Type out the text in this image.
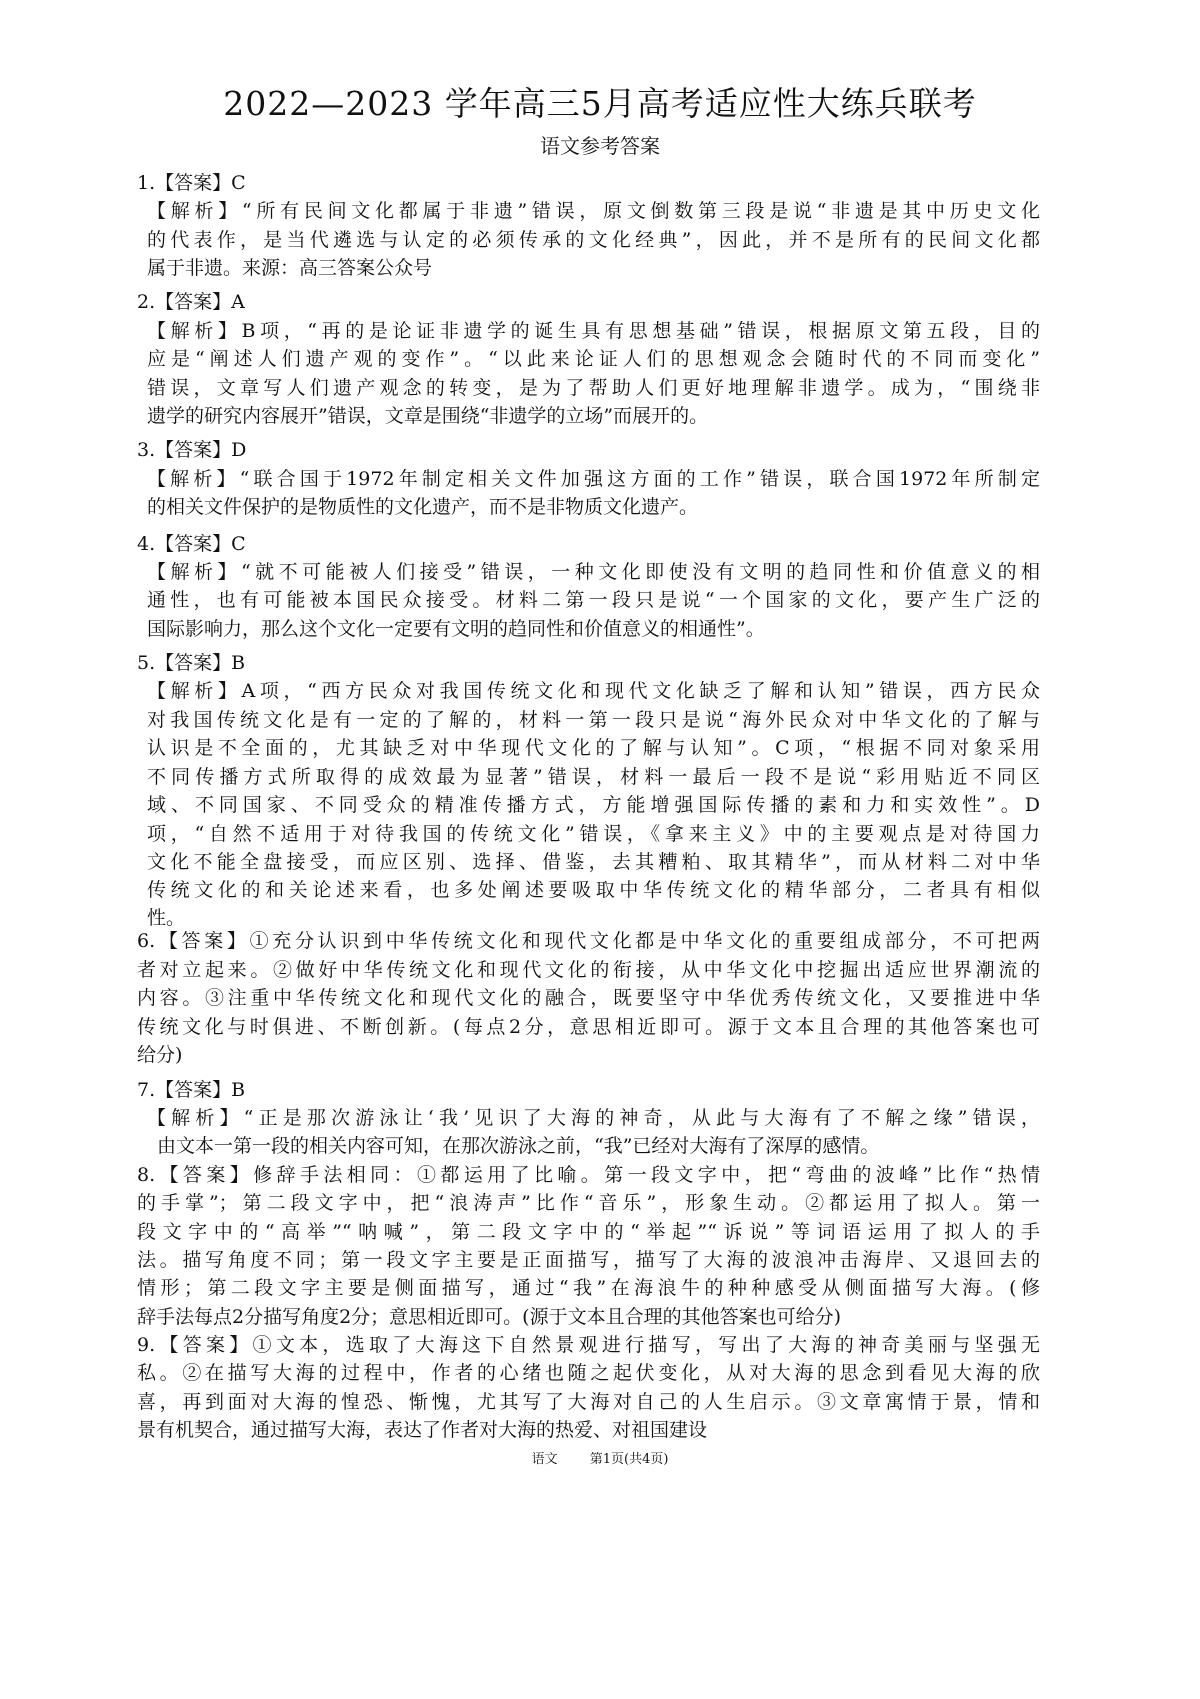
2022—2023 学年高三5月高考适应性大练兵联考
语文参考答案
1.【答案】C
【解析】“所有民间文化都属于非遗”错误，原文倒数第三段是说“非遗是其中历史文化
的代表作，是当代遴选与认定的必须传承的文化经典”，因此，并不是所有的民间文化都
属于非遗。来源：高三答案公众号
2.【答案】A
【解析】B项，“再的是论证非遗学的诞生具有思想基础”错误，根据原文第五段，目的
应是“阐述人们遗产观的变作”。“以此来论证人们的思想观念会随时代的不同而变化”
错误，文章写人们遗产观念的转变，是为了帮助人们更好地理解非遗学。成为，“围绕非
遗学的研究内容展开”错误，文章是围绕“非遗学的立场”而展开的。
3.【答案】D
【解析】“联合国于1972年制定相关文件加强这方面的工作”错误，联合国1972年所制定
的相关文件保护的是物质性的文化遗产，而不是非物质文化遗产。
4.【答案】C
【解析】“就不可能被人们接受”错误，一种文化即使没有文明的趋同性和价值意义的相
通性，也有可能被本国民众接受。材料二第一段只是说“一个国家的文化，要产生广泛的
国际影响力，那么这个文化一定要有文明的趋同性和价值意义的相通性”。
5.【答案】B
【解析】A项，“西方民众对我国传统文化和现代文化缺乏了解和认知”错误，西方民众
对我国传统文化是有一定的了解的，材料一第一段只是说“海外民众对中华文化的了解与
认识是不全面的，尤其缺乏对中华现代文化的了解与认知”。C项，“根据不同对象采用
不同传播方式所取得的成效最为显著”错误，材料一最后一段不是说“彩用贴近不同区
域、不同国家、不同受众的精准传播方式，方能增强国际传播的素和力和实效性”。D
项，“自然不适用于对待我国的传统文化”错误，《拿来主义》中的主要观点是对待国力
文化不能全盘接受，而应区别、选择、借鉴，去其糟粕、取其精华”，而从材料二对中华
传统文化的和关论述来看，也多处阐述要吸取中华传统文化的精华部分，二者具有相似
性。
6.【答案】①充分认识到中华传统文化和现代文化都是中华文化的重要组成部分，不可把两
者对立起来。②做好中华传统文化和现代文化的衔接，从中华文化中挖掘出适应世界潮流的
内容。③注重中华传统文化和现代文化的融合，既要坚守中华优秀传统文化，又要推进中华
传统文化与时俱进、不断创新。(每点2分，意思相近即可。源于文本且合理的其他答案也可
给分)
7.【答案】B
【解析】“正是那次游泳让‘我’见识了大海的神奇，从此与大海有了不解之缘”错误，
由文本一第一段的相关内容可知，在那次游泳之前，“我”已经对大海有了深厚的感情。
8.【答案】修辞手法相同：①都运用了比喻。第一段文字中，把“弯曲的波峰”比作“热情
的手掌”；第二段文字中，把“浪涛声”比作“音乐”，形象生动。②都运用了拟人。第一
段文字中的“高举”“呐喊”，第二段文字中的“举起”“诉说”等词语运用了拟人的手
法。描写角度不同；第一段文字主要是正面描写，描写了大海的波浪冲击海岸、又退回去的
情形；第二段文字主要是侧面描写，通过“我”在海浪牛的种种感受从侧面描写大海。(修
辞手法每点2分描写角度2分；意思相近即可。(源于文本且合理的其他答案也可给分)
9.【答案】①文本，选取了大海这下自然景观进行描写，写出了大海的神奇美丽与坚强无
私。②在描写大海的过程中，作者的心绪也随之起伏变化，从对大海的思念到看见大海的欣
喜，再到面对大海的惶恐、惭愧，尤其写了大海对自己的人生启示。③文章寓情于景，情和
景有机契合，通过描写大海，表达了作者对大海的热爱、对祖国建设
语文 第1页(共4页)
